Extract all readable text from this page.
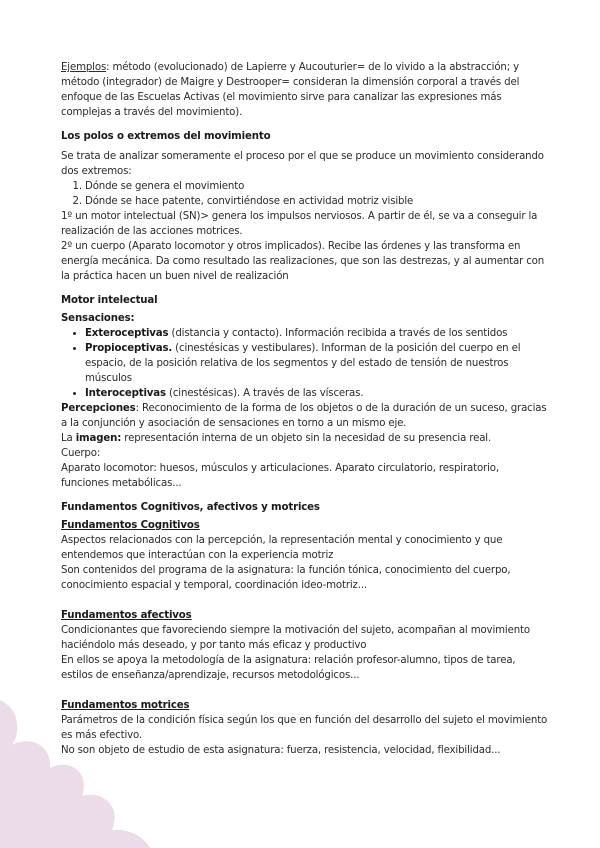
Ejemplos: método (evolucionado) de Lapierre y Aucouturier= de lo vivido a la abstracción; y método (integrador) de Maigre y Destrooper= consideran la dimensión corporal a través del enfoque de las Escuelas Activas (el movimiento sirve para canalizar las expresiones más complejas a través del movimiento).

Los polos o extremos del movimiento

Se trata de analizar someramente el proceso por el que se produce un movimiento considerando dos extremos:

1. Dónde se genera el movimiento
2. Dónde se hace patente, convirtiéndose en actividad motriz visible

1º un motor intelectual (SN)> genera los impulsos nerviosos. A partir de él, se va a conseguir la realización de las acciones motrices.

2º un cuerpo (Aparato locomotor y otros implicados). Recibe las órdenes y las transforma en energía mecánica. Da como resultado las realizaciones, que son las destrezas, y al aumentar con la práctica hacen un buen nivel de realización

Motor intelectual

Sensaciones:

• Exteroceptivas (distancia y contacto). Información recibida a través de los sentidos
• Propioceptivas. (cinestésicas y vestibulares). Informan de la posición del cuerpo en el espacio, de la posición relativa de los segmentos y del estado de tensión de nuestros músculos
• Interoceptivas (cinestésicas). A través de las vísceras.

Percepciones: Reconocimiento de la forma de los objetos o de la duración de un suceso, gracias a la conjunción y asociación de sensaciones en torno a un mismo eje.

La imagen: representación interna de un objeto sin la necesidad de su presencia real.

Cuerpo:

Aparato locomotor: huesos, músculos y articulaciones. Aparato circulatorio, respiratorio, funciones metabólicas...

Fundamentos Cognitivos, afectivos y motrices

Fundamentos Cognitivos

Aspectos relacionados con la percepción, la representación mental y conocimiento y que entendemos que interactúan con la experiencia motriz

Son contenidos del programa de la asignatura: la función tónica, conocimiento del cuerpo, conocimiento espacial y temporal, coordinación ideo-motriz...

Fundamentos afectivos

Condicionantes que favoreciendo siempre la motivación del sujeto, acompañan al movimiento haciéndolo más deseado, y por tanto más eficaz y productivo

En ellos se apoya la metodología de la asignatura: relación profesor-alumno, tipos de tarea, estilos de enseñanza/aprendizaje, recursos metodológicos...

Fundamentos motrices

Parámetros de la condición física según los que en función del desarrollo del sujeto el movimiento es más efectivo.

No son objeto de estudio de esta asignatura: fuerza, resistencia, velocidad, flexibilidad...
